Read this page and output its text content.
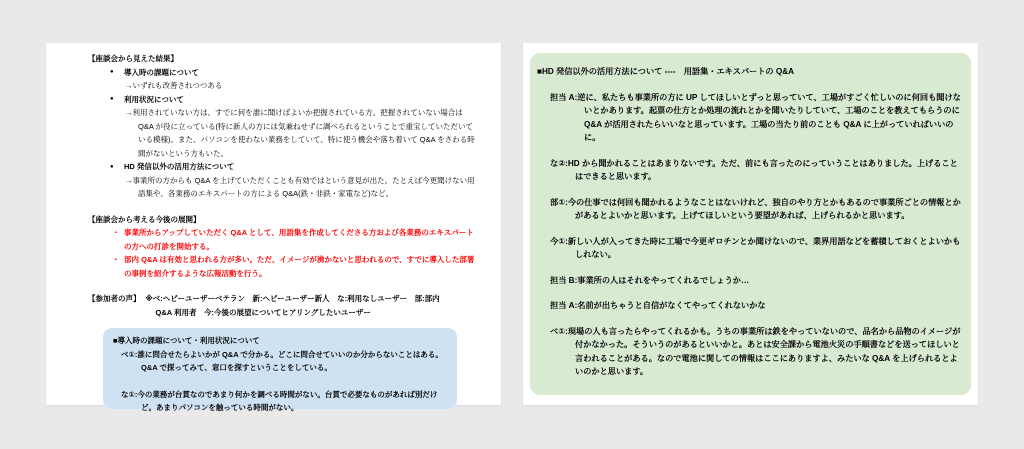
【座談会から見えた結果】
● 導入時の課題について
→いずれも改善されつつある
● 利用状況について
→利用されていない方は、すでに何を誰に聞けばよいか把握されている方。把握されていない場合は Q&A が役に立っている(特に新人の方には気兼ねせずに調べられるということで重宝していただいている模様)。また、パソコンを使わない業務をしていて、特に使う機会や落ち着いて Q&A をさわる時間がないという方もいた。
● HD 発信以外の活用方法について
→事業所の方からも Q&A を上げていただくことも有効ではという意見が出た。たとえば今更聞けない用語集や、各業務のエキスパートの方による Q&A(鉄・非鉄・家電など)など。
【座談会から考える今後の展開】
・ 事業所からアップしていただく Q&A として、用語集を作成してくださる方および各業務のエキスパートの方への打診を開始する。
・ 部内 Q&A は有効と思われる方が多い。ただ、イメージが沸かないと思われるので、すでに導入した部署の事例を紹介するような広報活動を行う。
【参加者の声】 ※ベ:ヘビーユーザーベテラン　新:ヘビーユーザー新人　な:利用なしユーザー　部:部内
Q&A 利用者　今:今後の展望についてヒアリングしたいユーザー
■導入時の課題について・利用状況について
ベ①:誰に問合せたらよいかが Q&A で分かる。どこに問合せていいのか分からないことはある。Q&A で探ってみて、窓口を探すということをしている。
な①:今の業務が台貫なのであまり何かを調べる時間がない。台貫で必要なものがあれば別だけど。あまりパソコンを触っている時間がない。
■HD 発信以外の活用方法について ----　用語集・エキスパートの Q&A
担当 A:逆に、私たちも事業所の方に UP してほしいとずっと思っていて、工場がすごく忙しいのに何回も聞けないとかあります。起票の仕方とか処理の流れとかを聞いたりしていて、工場のことを教えてもらうのに Q&A が活用されたらいいなと思っています。工場の当たり前のことも Q&A に上がっていればいいのに。
な②:HD から聞かれることはあまりないです。ただ、前にも言ったのにっていうことはありました。上げることはできると思います。
部①:今の仕事では何回も聞かれるようなことはないけれど、独自のやり方とかもあるので事業所ごとの情報とかがあるとよいかと思います。上げてほしいという要望があれば、上げられるかと思います。
今①:新しい人が入ってきた時に工場で今更ギロチンとか聞けないので、業界用語などを蓄積しておくとよいかもしれない。
担当 B:事業所の人はそれをやってくれるでしょうか…
担当 A:名前が出ちゃうと自信がなくてやってくれないかな
ベ①:現場の人も言ったらやってくれるかも。うちの事業所は鉄をやっていないので、品名から品物のイメージが付かなかった。そういうのがあるといいかと。あとは安全課から電池火災の手順書などを送ってほしいと言われることがある。なので電池に関しての情報はここにありますよ、みたいな Q&A を上げられるとよいのかと思います。
